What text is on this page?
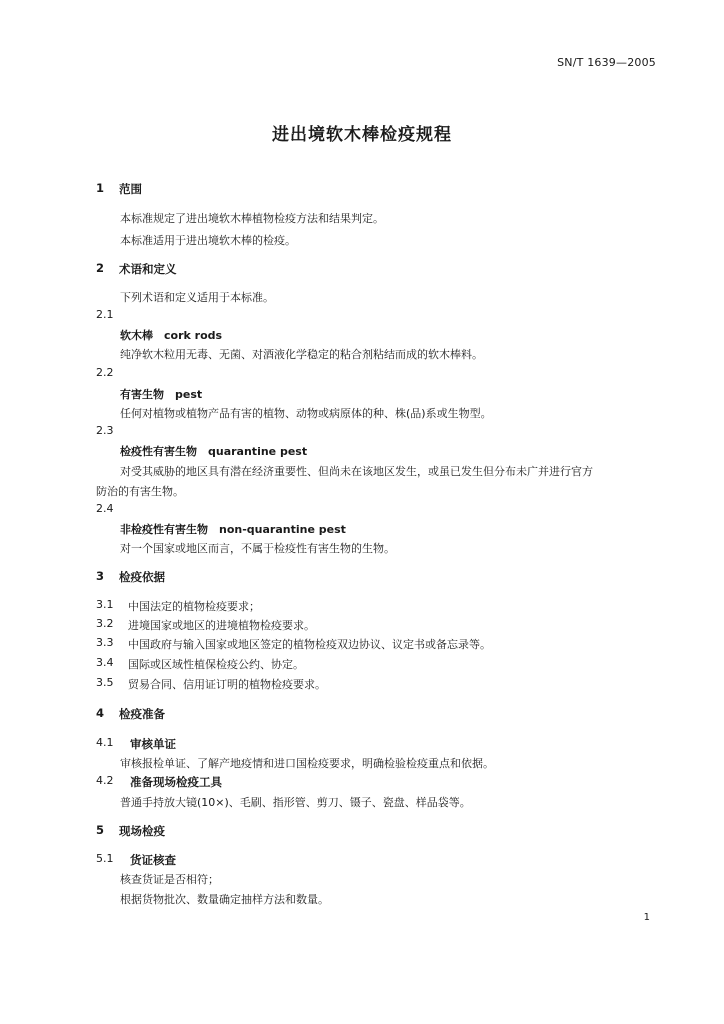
SN/T 1639—2005
进出境软木棒检疫规程
1 范围
本标准规定了进出境软木棒植物检疫方法和结果判定。
本标准适用于进出境软木棒的检疫。
2 术语和定义
下列术语和定义适用于本标准。
2.1
软木棒　cork rods
纯净软木粒用无毒、无菌、对酒液化学稳定的粘合剂粘结而成的软木棒料。
2.2
有害生物　pest
任何对植物或植物产品有害的植物、动物或病原体的种、株(品)系或生物型。
2.3
检疫性有害生物　quarantine pest
对受其威胁的地区具有潜在经济重要性、但尚未在该地区发生，或虽已发生但分布未广并进行官方
防治的有害生物。
2.4
非检疫性有害生物　non-quarantine pest
对一个国家或地区而言，不属于检疫性有害生物的生物。
3 检疫依据
3.1 中国法定的植物检疫要求；
3.2 进境国家或地区的进境植物检疫要求。
3.3 中国政府与输入国家或地区签定的植物检疫双边协议、议定书或备忘录等。
3.4 国际或区域性植保检疫公约、协定。
3.5 贸易合同、信用证订明的植物检疫要求。
4 检疫准备
4.1 审核单证
审核报检单证、了解产地疫情和进口国检疫要求，明确检验检疫重点和依据。
4.2 准备现场检疫工具
普通手持放大镜(10×)、毛刷、指形管、剪刀、镊子、瓷盘、样品袋等。
5 现场检疫
5.1 货证核查
核查货证是否相符；
根据货物批次、数量确定抽样方法和数量。
1
